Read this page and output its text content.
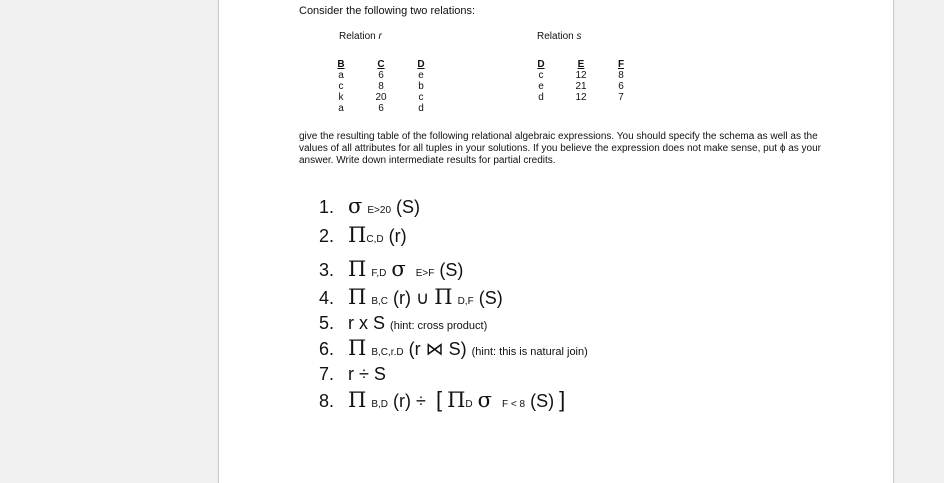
Consider the following two relations:
Relation r
B	C	D
a	6	e
c	8	b
k	20	c
a	6	d
Relation s
D	E	F
c	12	8
e	21	6
d	12	7
give the resulting table of the following relational algebraic expressions. You should specify the schema as well as the values of all attributes for all tuples in your solutions. If you believe the expression does not make sense, put ϕ as your answer. Write down intermediate results for partial credits.
1. σ E>20 (S)
2. ΠC,D (r)
3. Π F,D σ E>F (S)
4. Π B,C (r) ∪ Π D,F (S)
5. r x S (hint: cross product)
6. Π B,C,r.D (r ⋈ S) (hint: this is natural join)
7. r ÷ S
8. Π B,D (r) ÷ [ ΠD σ F < 8 (S) ]
